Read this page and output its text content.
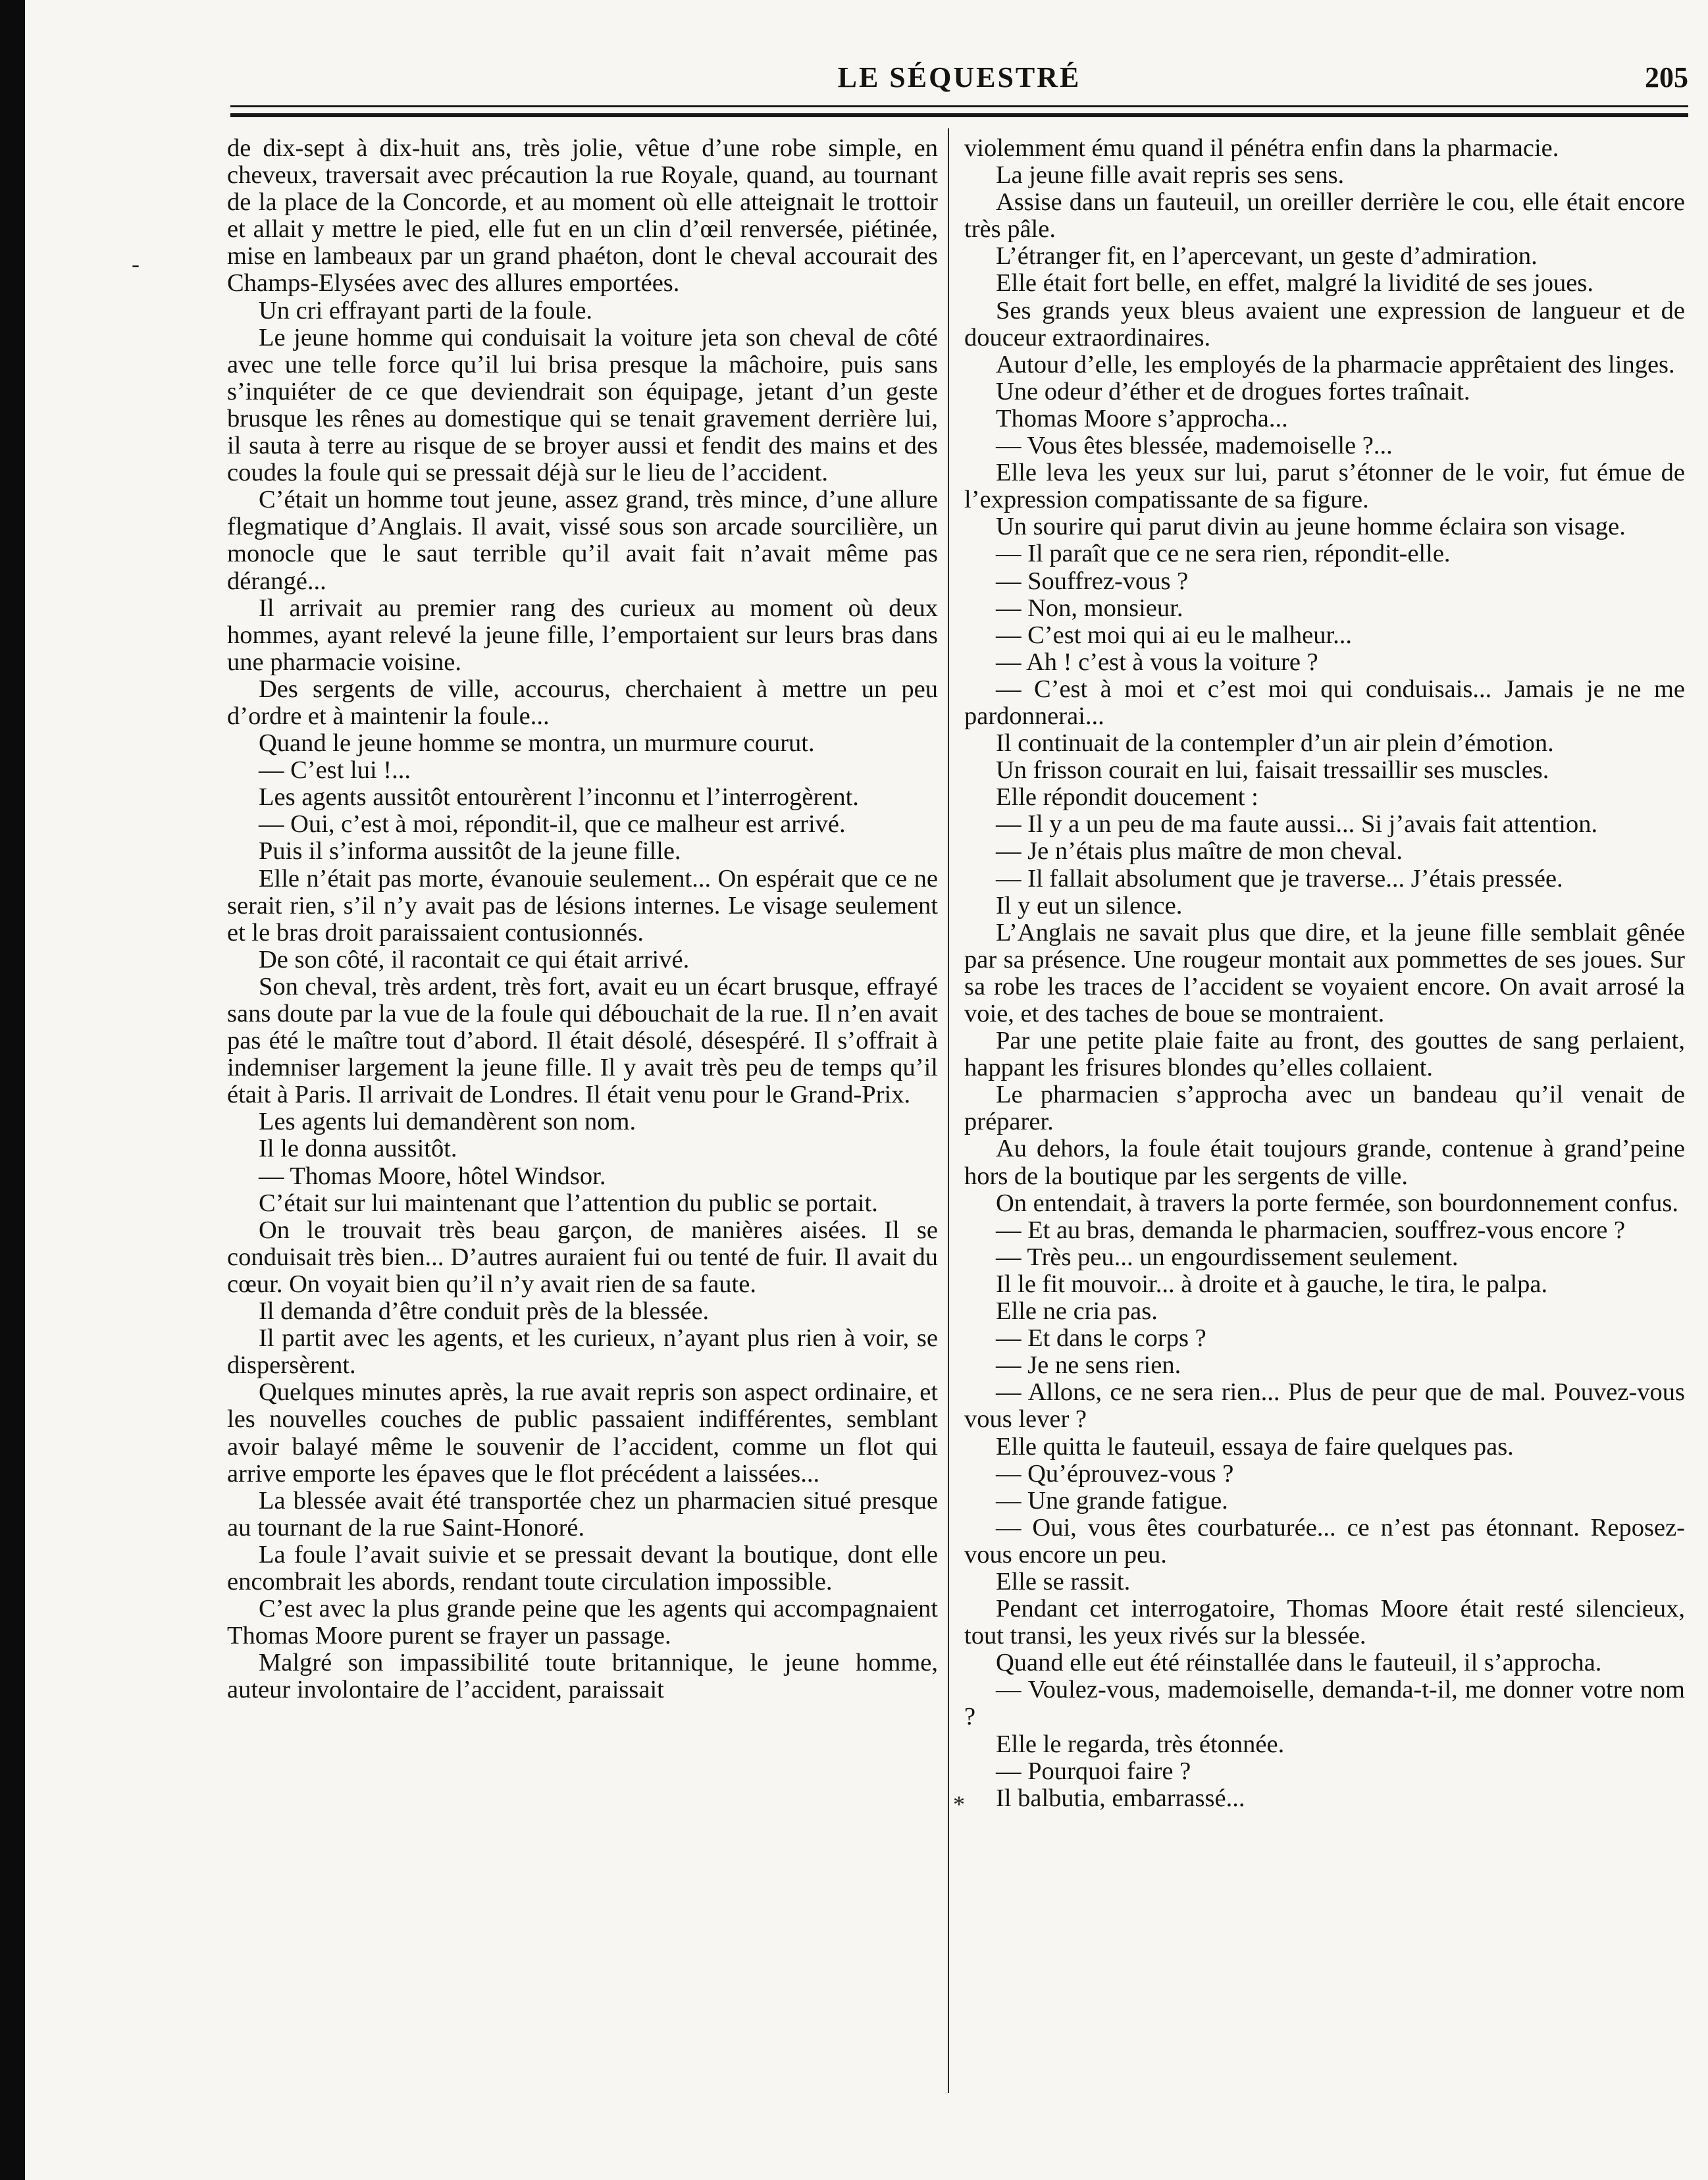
LE SÉQUESTRÉ	205

de dix-sept à dix-huit ans, très jolie, vêtue d’une robe simple, en cheveux, traversait avec précaution la rue Royale, quand, au tournant de la place de la Concorde, et au moment où elle atteignait le trottoir et allait y mettre le pied, elle fut en un clin d’œil renversée, piétinée, mise en lambeaux par un grand phaéton, dont le cheval accourait des Champs-Elysées avec des allures emportées.

Un cri effrayant parti de la foule.

Le jeune homme qui conduisait la voiture jeta son cheval de côté avec une telle force qu’il lui brisa presque la mâchoire, puis sans s’inquiéter de ce que deviendrait son équipage, jetant d’un geste brusque les rênes au domestique qui se tenait gravement derrière lui, il sauta à terre au risque de se broyer aussi et fendit des mains et des coudes la foule qui se pressait déjà sur le lieu de l’accident.

C’était un homme tout jeune, assez grand, très mince, d’une allure flegmatique d’Anglais. Il avait, vissé sous son arcade sourcilière, un monocle que le saut terrible qu’il avait fait n’avait même pas dérangé...

Il arrivait au premier rang des curieux au moment où deux hommes, ayant relevé la jeune fille, l’emportaient sur leurs bras dans une pharmacie voisine.

Des sergents de ville, accourus, cherchaient à mettre un peu d’ordre et à maintenir la foule...

Quand le jeune homme se montra, un murmure courut.

— C’est lui !...

Les agents aussitôt entourèrent l’inconnu et l’interrogèrent.

— Oui, c’est à moi, répondit-il, que ce malheur est arrivé.

Puis il s’informa aussitôt de la jeune fille.

Elle n’était pas morte, évanouie seulement... On espérait que ce ne serait rien, s’il n’y avait pas de lésions internes. Le visage seulement et le bras droit paraissaient contusionnés.

De son côté, il racontait ce qui était arrivé.

Son cheval, très ardent, très fort, avait eu un écart brusque, effrayé sans doute par la vue de la foule qui débouchait de la rue. Il n’en avait pas été le maître tout d’abord. Il était désolé, désespéré. Il s’offrait à indemniser largement la jeune fille. Il y avait très peu de temps qu’il était à Paris. Il arrivait de Londres. Il était venu pour le Grand-Prix.

Les agents lui demandèrent son nom.

Il le donna aussitôt.

— Thomas Moore, hôtel Windsor.

C’était sur lui maintenant que l’attention du public se portait.

On le trouvait très beau garçon, de manières aisées. Il se conduisait très bien... D’autres auraient fui ou tenté de fuir. Il avait du cœur. On voyait bien qu’il n’y avait rien de sa faute.

Il demanda d’être conduit près de la blessée.

Il partit avec les agents, et les curieux, n’ayant plus rien à voir, se dispersèrent.

Quelques minutes après, la rue avait repris son aspect ordinaire, et les nouvelles couches de public passaient indifférentes, semblant avoir balayé même le souvenir de l’accident, comme un flot qui arrive emporte les épaves que le flot précédent a laissées...

La blessée avait été transportée chez un pharmacien situé presque au tournant de la rue Saint-Honoré.

La foule l’avait suivie et se pressait devant la boutique, dont elle encombrait les abords, rendant toute circulation impossible.

C’est avec la plus grande peine que les agents qui accompagnaient Thomas Moore purent se frayer un passage.

Malgré son impassibilité toute britannique, le jeune homme, auteur involontaire de l’accident, paraissait

violemment ému quand il pénétra enfin dans la pharmacie.

La jeune fille avait repris ses sens.

Assise dans un fauteuil, un oreiller derrière le cou, elle était encore très pâle.

L’étranger fit, en l’apercevant, un geste d’admiration.

Elle était fort belle, en effet, malgré la lividité de ses joues.

Ses grands yeux bleus avaient une expression de langueur et de douceur extraordinaires.

Autour d’elle, les employés de la pharmacie apprêtaient des linges.

Une odeur d’éther et de drogues fortes traînait.

Thomas Moore s’approcha...

— Vous êtes blessée, mademoiselle ?...

Elle leva les yeux sur lui, parut s’étonner de le voir, fut émue de l’expression compatissante de sa figure.

Un sourire qui parut divin au jeune homme éclaira son visage.

— Il paraît que ce ne sera rien, répondit-elle.

— Souffrez-vous ?

— Non, monsieur.

— C’est moi qui ai eu le malheur...

— Ah ! c’est à vous la voiture ?

— C’est à moi et c’est moi qui conduisais... Jamais je ne me pardonnerai...

Il continuait de la contempler d’un air plein d’émotion.

Un frisson courait en lui, faisait tressaillir ses muscles.

Elle répondit doucement :

— Il y a un peu de ma faute aussi... Si j’avais fait attention.

— Je n’étais plus maître de mon cheval.

— Il fallait absolument que je traverse... J’étais pressée.

Il y eut un silence.

L’Anglais ne savait plus que dire, et la jeune fille semblait gênée par sa présence. Une rougeur montait aux pommettes de ses joues. Sur sa robe les traces de l’accident se voyaient encore. On avait arrosé la voie, et des taches de boue se montraient.

Par une petite plaie faite au front, des gouttes de sang perlaient, happant les frisures blondes qu’elles collaient.

Le pharmacien s’approcha avec un bandeau qu’il venait de préparer.

Au dehors, la foule était toujours grande, contenue à grand’peine hors de la boutique par les sergents de ville.

On entendait, à travers la porte fermée, son bourdonnement confus.

— Et au bras, demanda le pharmacien, souffrez-vous encore ?

— Très peu... un engourdissement seulement.

Il le fit mouvoir... à droite et à gauche, le tira, le palpa.

Elle ne cria pas.

— Et dans le corps ?

— Je ne sens rien.

— Allons, ce ne sera rien... Plus de peur que de mal. Pouvez-vous vous lever ?

Elle quitta le fauteuil, essaya de faire quelques pas.

— Qu’éprouvez-vous ?

— Une grande fatigue.

— Oui, vous êtes courbaturée... ce n’est pas étonnant. Reposez-vous encore un peu.

Elle se rassit.

Pendant cet interrogatoire, Thomas Moore était resté silencieux, tout transi, les yeux rivés sur la blessée.

Quand elle eut été réinstallée dans le fauteuil, il s’approcha.

— Voulez-vous, mademoiselle, demanda-t-il, me donner votre nom ?

Elle le regarda, très étonnée.

— Pourquoi faire ?

Il balbutia, embarrassé...

-
*
